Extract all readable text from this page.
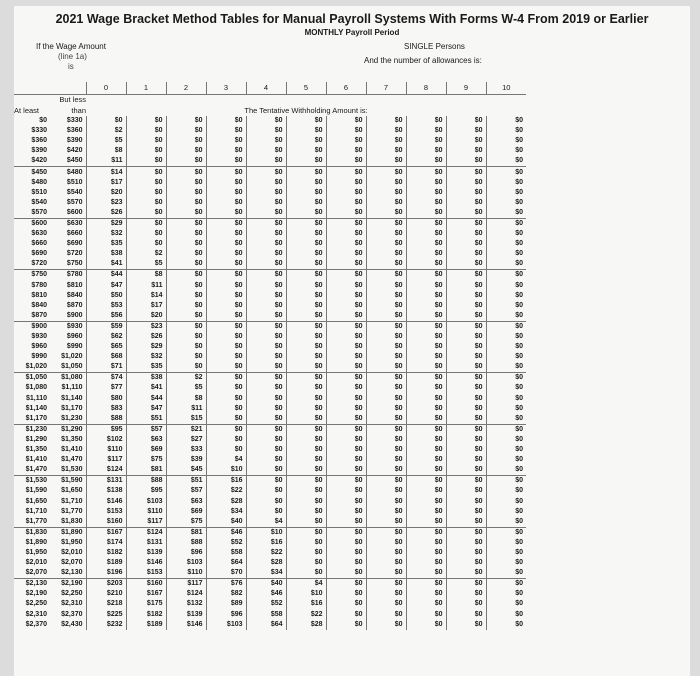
2021 Wage Bracket Method Tables for Manual Payroll Systems With Forms W-4 From 2019 or Earlier
MONTHLY Payroll Period
If the Wage Amount
(line 1a)
is
SINGLE Persons
And the number of allowances is:
		0	1	2	3	4	5	6	7	8	9	10
	But less											
At least	than	The Tentative Withholding Amount is:										
$0	$330	$0	$0	$0	$0	$0	$0	$0	$0	$0	$0	$0
$330	$360	$2	$0	$0	$0	$0	$0	$0	$0	$0	$0	$0
$360	$390	$5	$0	$0	$0	$0	$0	$0	$0	$0	$0	$0
$390	$420	$8	$0	$0	$0	$0	$0	$0	$0	$0	$0	$0
$420	$450	$11	$0	$0	$0	$0	$0	$0	$0	$0	$0	$0
$450	$480	$14	$0	$0	$0	$0	$0	$0	$0	$0	$0	$0
$480	$510	$17	$0	$0	$0	$0	$0	$0	$0	$0	$0	$0
$510	$540	$20	$0	$0	$0	$0	$0	$0	$0	$0	$0	$0
$540	$570	$23	$0	$0	$0	$0	$0	$0	$0	$0	$0	$0
$570	$600	$26	$0	$0	$0	$0	$0	$0	$0	$0	$0	$0
$600	$630	$29	$0	$0	$0	$0	$0	$0	$0	$0	$0	$0
$630	$660	$32	$0	$0	$0	$0	$0	$0	$0	$0	$0	$0
$660	$690	$35	$0	$0	$0	$0	$0	$0	$0	$0	$0	$0
$690	$720	$38	$2	$0	$0	$0	$0	$0	$0	$0	$0	$0
$720	$750	$41	$5	$0	$0	$0	$0	$0	$0	$0	$0	$0
$750	$780	$44	$8	$0	$0	$0	$0	$0	$0	$0	$0	$0
$780	$810	$47	$11	$0	$0	$0	$0	$0	$0	$0	$0	$0
$810	$840	$50	$14	$0	$0	$0	$0	$0	$0	$0	$0	$0
$840	$870	$53	$17	$0	$0	$0	$0	$0	$0	$0	$0	$0
$870	$900	$56	$20	$0	$0	$0	$0	$0	$0	$0	$0	$0
$900	$930	$59	$23	$0	$0	$0	$0	$0	$0	$0	$0	$0
$930	$960	$62	$26	$0	$0	$0	$0	$0	$0	$0	$0	$0
$960	$990	$65	$29	$0	$0	$0	$0	$0	$0	$0	$0	$0
$990	$1,020	$68	$32	$0	$0	$0	$0	$0	$0	$0	$0	$0
$1,020	$1,050	$71	$35	$0	$0	$0	$0	$0	$0	$0	$0	$0
$1,050	$1,080	$74	$38	$2	$0	$0	$0	$0	$0	$0	$0	$0
$1,080	$1,110	$77	$41	$5	$0	$0	$0	$0	$0	$0	$0	$0
$1,110	$1,140	$80	$44	$8	$0	$0	$0	$0	$0	$0	$0	$0
$1,140	$1,170	$83	$47	$11	$0	$0	$0	$0	$0	$0	$0	$0
$1,170	$1,230	$88	$51	$15	$0	$0	$0	$0	$0	$0	$0	$0
$1,230	$1,290	$95	$57	$21	$0	$0	$0	$0	$0	$0	$0	$0
$1,290	$1,350	$102	$63	$27	$0	$0	$0	$0	$0	$0	$0	$0
$1,350	$1,410	$110	$69	$33	$0	$0	$0	$0	$0	$0	$0	$0
$1,410	$1,470	$117	$75	$39	$4	$0	$0	$0	$0	$0	$0	$0
$1,470	$1,530	$124	$81	$45	$10	$0	$0	$0	$0	$0	$0	$0
$1,530	$1,590	$131	$88	$51	$16	$0	$0	$0	$0	$0	$0	$0
$1,590	$1,650	$138	$95	$57	$22	$0	$0	$0	$0	$0	$0	$0
$1,650	$1,710	$146	$103	$63	$28	$0	$0	$0	$0	$0	$0	$0
$1,710	$1,770	$153	$110	$69	$34	$0	$0	$0	$0	$0	$0	$0
$1,770	$1,830	$160	$117	$75	$40	$4	$0	$0	$0	$0	$0	$0
$1,830	$1,890	$167	$124	$81	$46	$10	$0	$0	$0	$0	$0	$0
$1,890	$1,950	$174	$131	$88	$52	$16	$0	$0	$0	$0	$0	$0
$1,950	$2,010	$182	$139	$96	$58	$22	$0	$0	$0	$0	$0	$0
$2,010	$2,070	$189	$146	$103	$64	$28	$0	$0	$0	$0	$0	$0
$2,070	$2,130	$196	$153	$110	$70	$34	$0	$0	$0	$0	$0	$0
$2,130	$2,190	$203	$160	$117	$76	$40	$4	$0	$0	$0	$0	$0
$2,190	$2,250	$210	$167	$124	$82	$46	$10	$0	$0	$0	$0	$0
$2,250	$2,310	$218	$175	$132	$89	$52	$16	$0	$0	$0	$0	$0
$2,310	$2,370	$225	$182	$139	$96	$58	$22	$0	$0	$0	$0	$0
$2,370	$2,430	$232	$189	$146	$103	$64	$28	$0	$0	$0	$0	$0
